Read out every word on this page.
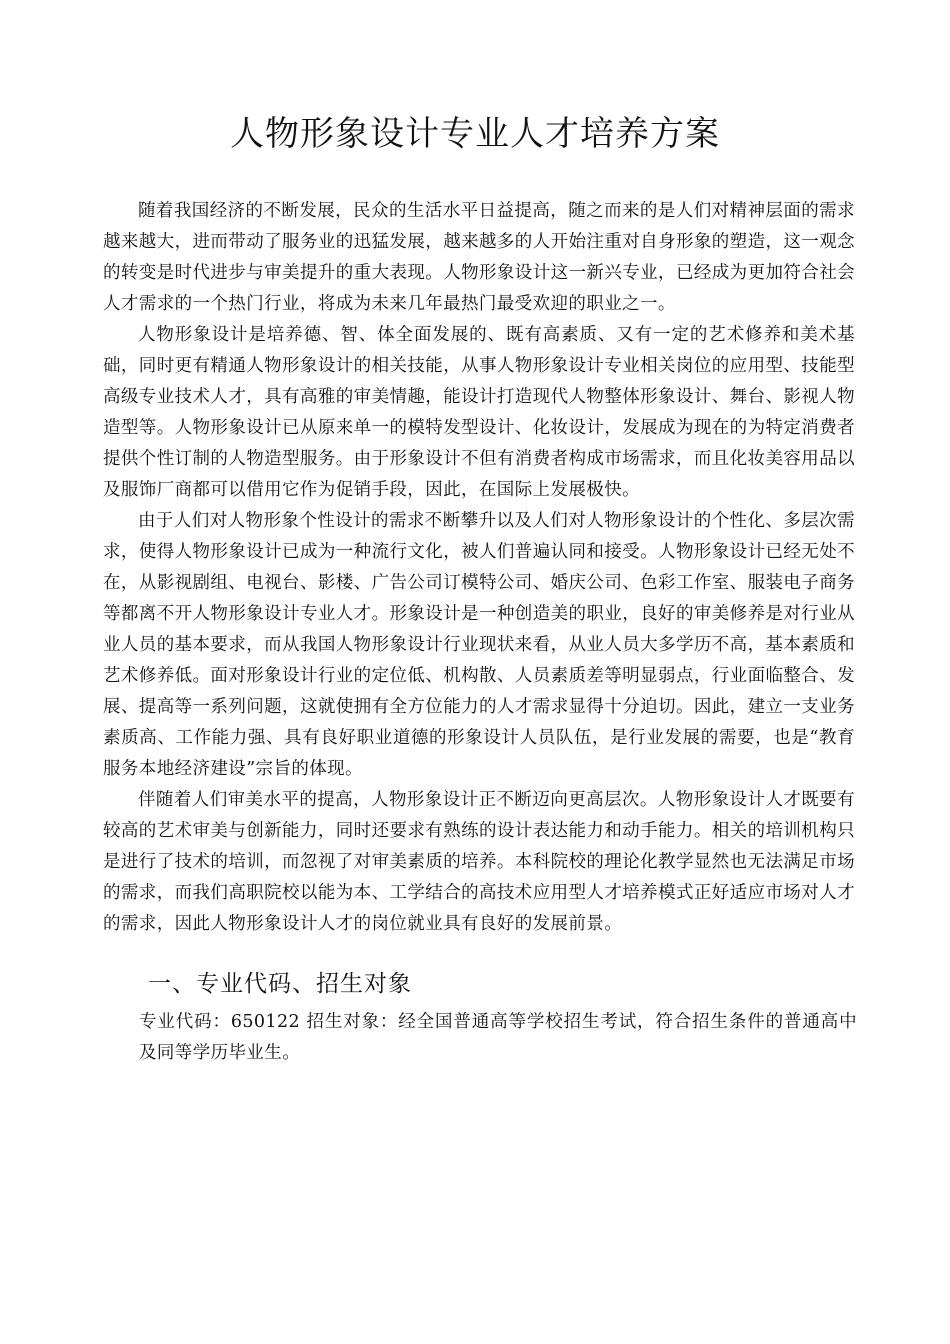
人物形象设计专业人才培养方案

随着我国经济的不断发展，民众的生活水平日益提高，随之而来的是人们对精神层面的需求越来越大，进而带动了服务业的迅猛发展，越来越多的人开始注重对自身形象的塑造，这一观念的转变是时代进步与审美提升的重大表现。人物形象设计这一新兴专业，已经成为更加符合社会人才需求的一个热门行业，将成为未来几年最热门最受欢迎的职业之一。

人物形象设计是培养德、智、体全面发展的、既有高素质、又有一定的艺术修养和美术基础，同时更有精通人物形象设计的相关技能，从事人物形象设计专业相关岗位的应用型、技能型高级专业技术人才，具有高雅的审美情趣，能设计打造现代人物整体形象设计、舞台、影视人物造型等。人物形象设计已从原来单一的模特发型设计、化妆设计，发展成为现在的为特定消费者提供个性订制的人物造型服务。由于形象设计不但有消费者构成市场需求，而且化妆美容用品以及服饰厂商都可以借用它作为促销手段，因此，在国际上发展极快。

由于人们对人物形象个性设计的需求不断攀升以及人们对人物形象设计的个性化、多层次需求，使得人物形象设计已成为一种流行文化，被人们普遍认同和接受。人物形象设计已经无处不在，从影视剧组、电视台、影楼、广告公司订模特公司、婚庆公司、色彩工作室、服装电子商务等都离不开人物形象设计专业人才。形象设计是一种创造美的职业，良好的审美修养是对行业从业人员的基本要求，而从我国人物形象设计行业现状来看，从业人员大多学历不高，基本素质和艺术修养低。面对形象设计行业的定位低、机构散、人员素质差等明显弱点，行业面临整合、发展、提高等一系列问题，这就使拥有全方位能力的人才需求显得十分迫切。因此，建立一支业务素质高、工作能力强、具有良好职业道德的形象设计人员队伍，是行业发展的需要，也是“教育服务本地经济建设”宗旨的体现。

伴随着人们审美水平的提高，人物形象设计正不断迈向更高层次。人物形象设计人才既要有较高的艺术审美与创新能力，同时还要求有熟练的设计表达能力和动手能力。相关的培训机构只是进行了技术的培训，而忽视了对审美素质的培养。本科院校的理论化教学显然也无法满足市场的需求，而我们高职院校以能为本、工学结合的高技术应用型人才培养模式正好适应市场对人才的需求，因此人物形象设计人才的岗位就业具有良好的发展前景。

一、专业代码、招生对象

专业代码：650122 招生对象：经全国普通高等学校招生考试，符合招生条件的普通高中及同等学历毕业生。
